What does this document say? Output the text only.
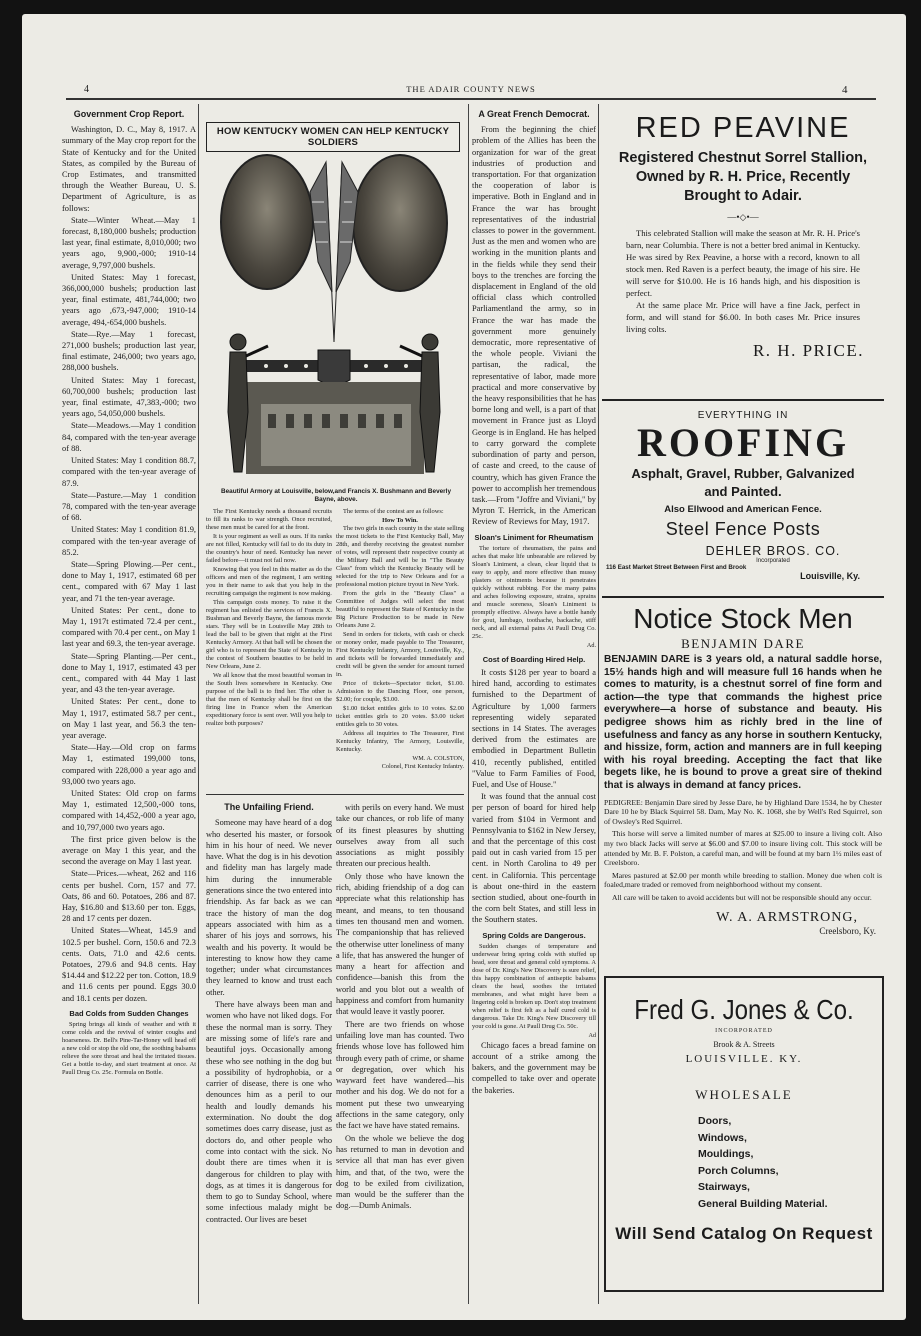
4	THE ADAIR COUNTY NEWS	4
Government Crop Report.

Washington, D. C., May 8, 1917. A summary of the May crop report for the State of Kentucky and for the United States, as compiled by the Bureau of Crop Estimates, and transmitted through the Weather Bureau, U. S. Department of Agriculture, is as follows:

State—Winter Wheat.—May 1 forecast, 8,180,000 bushels; production last year, final estimate, 8,010,000; two years ago, 9,900,-000; 1910-14 average, 9,797,000 bushels.

United States: May 1 forecast, 366,000,000 bushels; production last year, final estimate, 481,744,000; two years ago ,673,-947,000; 1910-14 average, 494,-654,000 bushels.

State—Rye.—May 1 forecast, 271,000 bushels; production last year, final estimate, 246,000; two years ago, 288,000 bushels.

United States: May 1 forecast, 60,700,000 bushels; production last year, final estimate, 47,383,-000; two years ago, 54,050,000 bushels.

State—Meadows.—May 1 condition 84, compared with the ten-year average of 88.

United States: May 1 condition 88.7, compared with the ten-year average of 87.9.

State—Pasture.—May 1 condition 78, compared with the ten-year average of 68.

United States: May 1 condition 81.9, compared with the ten-year average of 85.2.

State—Spring Plowing.—Per cent., done to May 1, 1917, estimated 68 per cent., compared with 67 May 1 last year, and 71 the ten-year average.

United States: Per cent., done to May 1, 1917t estimated 72.4 per cent., compared with 70.4 per cent., on May 1 last year and 69.3, the ten-year average.

State—Spring Planting.—Per cent., done to May 1, 1917, estimated 43 per cent., compared with 44 May 1 last year, and 43 the ten-year average.

United States: Per cent., done to May 1, 1917, estimated 58.7 per cent., on May 1 last year, and 56.3 the ten-year average.

State—Hay.—Old crop on farms May 1, estimated 199,000 tons, compared with 228,000 a year ago and 93,000 two years ago.

United States: Old crop on farms May 1, estimated 12,500,-000 tons, compared with 14,452,-000 a year ago, and 10,797,000 two years ago.

The first price given below is the average on May 1 this year, and the second the average on May 1 last year.

State—Prices.—wheat, 262 and 116 cents per bushel. Corn, 157 and 77. Oats, 86 and 60. Potatoes, 286 and 87. Hay, $16.80 and $13.60 per ton. Eggs, 28 and 17 cents per dozen.

United States—Wheat, 145.9 and 102.5 per bushel. Corn, 150.6 and 72.3 cents. Oats, 71.0 and 42.6 cents. Potatoes, 279.6 and 94.8 cents. Hay $14.44 and $12.22 per ton. Cotton, 18.9 and 11.6 cents per pound. Eggs 30.0 and 18.1 cents per dozen.

Bad Colds from Sudden Changes

Spring brings all kinds of weather and with it come colds and the revival of winter coughs and hoarseness. Dr. Bell's Pine-Tar-Honey will head off a new cold or stop the old one, the soothing balsams relieve the sore throat and heal the irritated tissues. Get a bottle to-day, and start treatment at once. At Paull Drug Co. 25c. Formula on Bottle.

HOW KENTUCKY WOMEN CAN HELP KENTUCKY SOLDIERS
Beautiful Armory at Louisville, below,and Francis X. Bushmann and Beverly Bayne, above.

The First Kentucky needs a thousand recruits to fill its ranks to war strength. Once recruited, these men must be cared for at the front.

It is your regiment as well as ours. If its ranks are not filled, Kentucky will fail to do its duty in the country's hour of need. Kentucky has never failed before—it must not fail now.

Knowing that you feel in this matter as do the officers and men of the regiment, I am writing you in their name to ask that you help in the recruiting campaign the regiment is now making.

This campaign costs money. To raise it the regiment has enlisted the services of Francis X. Bushman and Beverly Bayne, the famous movie stars. They will be in Louisville May 28th to lead the ball to be given that night at the First Kentucky Armory. At that ball will be chosen the girl who is to represent the State of Kentucky in the contest of Southern beauties to be held in New Orleans, June 2.

We all know that the most beautiful woman in the South lives somewhere in Kentucky. One purpose of the ball is to find her. The other is that the men of Kentucky shall be first on the firing line in France when the American expeditionary force is sent over. Will you help to realize both purposes?

The terms of the contest are as follows:

How To Win.

The two girls in each county in the state selling the most tickets to the First Kentucky Ball, May 28th, and thereby receiving the greatest number of votes, will represent their respective county at the Military Ball and will be in "The Beauty Class" from which the Kentucky Beauty will be selected for the trip to New Orleans and for a professional motion picture tryout in New York.

From the girls in the "Beauty Class" a Committee of Judges will select the most beautiful to represent the State of Kentucky in the Big Picture Production to be made in New Orleans June 2.

Send in orders for tickets, with cash or check or money order, made payable to The Treasurer, First Kentucky Infantry, Armory, Louisville, Ky., and tickets will be forwarded immediately and credit will be given the sender for amount turned in.

Price of tickets—Spectator ticket, $1.00. Admission to the Dancing Floor, one person, $2.00; for couple, $3.00.

$1.00 ticket entitles girls to 10 votes. $2.00 ticket entitles girls to 20 votes. $3.00 ticket entitles girls to 30 votes.

Address all inquiries to The Treasurer, First Kentucky Infantry, The Armory, Louisville, Kentucky.

WM. A. COLSTON,
Colonel, First Kentucky Infantry.
The Unfailing Friend.

Someone may have heard of a dog who deserted his master, or forsook him in his hour of need. We never have. What the dog is in his devotion and fidelity man has largely made him during the innumerable generations since the two entered into friendship. As far back as we can trace the history of man the dog appears associated with him as a sharer of his joys and sorrows, his wealth and his poverty. It would be interesting to know how they came together; under what circumstances they learned to know and trust each other.

There have always been man and women who have not liked dogs. For these the normal man is sorry. They are missing some of life's rare and beautiful joys. Occasionally among these who see nothing in the dog but a possibility of hydrophobia, or a carrier of disease, there is one who denounces him as a peril to our health and loudly demands his extermination. No doubt the dog sometimes does carry disease, just as doctors do, and other people who come into contact with the sick. No doubt there are times when it is dangerous for children to play with dogs, as at times it is dangerous for them to go to Sunday School, where some infectious malady might be contracted. Our lives are beset

with perils on every hand. We must take our chances, or rob life of many of its finest pleasures by shutting ourselves away from all such associations as might possibly threaten our precious health.

Only those who have known the rich, abiding friendship of a dog can appreciate what this relationship has meant, and means, to ten thousand times ten thousand men and women. The companionship that has relieved the otherwise utter loneliness of many a life, that has answered the hunger of many a heart for affection and confidence—banish this from the world and you blot out a wealth of happiness and comfort from humanity that would leave it vastly poorer.

There are two friends on whose unfailing love man has counted. Two friends whose love has followed him through every path of crime, or shame or degregation, over which his wayward feet have wandered—his mother and his dog. We do not for a moment put these two unwearying affections in the same category, only the fact we have have stated remains.

On the whole we believe the dog has returned to man in devotion and service all that man has ever given him, and that, of the two, were the dog to be exiled from civilization, man would be the sufferer than the dog.—Dumb Animals.

A Great French Democrat.

From the beginning the chief problem of the Allies has been the organization for war of the great industries of production and transportation. For that organization the cooperation of labor is imperative. Both in England and in France the war has brought representatives of the industrial classes to power in the government. Just as the men and women who are working in the munition plants and in the fields while they send their boys to the trenches are forcing the displacement in England of the old official class which controlled Parliamentland the army, so in France the war has made the government more genuinely democratic, more representative of the whole people. Viviani the partisan, the radical, the representative of labor, made more practical and more conservative by the heavy responsibilities that he has borne long and well, is a part of that movement in France just as Lloyd George is in England. He has helped to carry gorward the complete subordination of party and person, of caste and creed, to the cause of country, which has given France the power to accomplish her tremendous task.—From "Joffre and Viviani," by Myron T. Herrick, in the American Review of Reviews for May, 1917.

Sloan's Liniment for Rheumatism

The torture of rheumatism, the pains and aches that make life unbearable are relieved by Sloan's Liniment, a clean, clear liquid that is easy to apply, and more effective than mussy plasters or ointments because it penetrates quickly without rubbing. For the many pains and aches following exposure, strains, sprains and muscle soreness, Sloan's Liniment is promptly effective. Always have a bottle handy for gout, lumbago, toothache, backache, stiff neck, and all external pains At Paull Drug Co. 25c.

Ad.
Cost of Boarding Hired Help.

It costs $128 per year to board a hired hand, according to estimates furnished to the Department of Agriculture by 1,000 farmers representing widely separated sections in 14 States. The averages derived from the estimates are embodied in Department Bulletin 410, recently published, entitled "Value to Farm Families of Food, Fuel, and Use of House."

It was found that the annual cost per person of board for hired help varied from $104 in Vermont and Pennsylvania to $162 in New Jersey, and that the percentage of this cost paid out in cash varied from 15 per cent. in North Carolina to 49 per cent. in California. This percentage is about one-third in the eastern section studied, about one-fourth in the corn belt States, and still less in the Southern states.

Spring Colds are Dangerous.

Sudden changes of temperature and underwear bring spring colds with stuffed up head, sore throat and general cold symptoms. A dose of Dr. King's New Discovery is sure relief, this happy combination of antiseptic balsams clears the head, soothes the irritated membranes, and what might have been a lingering cold is broken up. Don't stop treatment when relief is first felt as a half cured cold is dangerous. Take Dr. King's New Discovery till your cold is gone. At Paull Drug Co. 50c.

Ad

Chicago faces a bread famine on account of a strike among the bakers, and the government may be compelled to take over and operate the bakeries.

RED PEAVINE
Registered Chestnut Sorrel Stallion,
Owned by R. H. Price, Recently
Brought to Adair.
—•◇•—

This celebrated Stallion will make the season at Mr. R. H. Price's barn, near Columbia. There is not a better bred animal in Kentucky. He was sired by Rex Peavine, a horse with a record, known to all stock men. Red Raven is a perfect beauty, the image of his sire. He will serve for $10.00. He is 16 hands high, and his disposition is perfect.

At the same place Mr. Price will have a fine Jack, perfect in form, and will stand for $6.00. In both cases Mr. Price insures living colts.

R. H. PRICE.
EVERYTHING IN
ROOFING
Asphalt, Gravel, Rubber, Galvanized
and Painted.
Also Ellwood and American Fence.
Steel Fence Posts
DEHLER BROS. CO.
Incorporated
116 East Market Street Between First and Brook
Louisville, Ky.
Notice Stock Men
BENJAMIN DARE
BENJAMIN DARE is 3 years old, a natural saddle horse, 15½ hands high and will measure full 16 hands when he comes to maturity, is a chestnut sorrel of fine form and action—the type that commands the highest price everywhere—a horse of substance and beauty. His pedigree shows him as richly bred in the line of usefulness and fancy as any horse in southern Kentucky, and hissize, form, action and manners are in full keeping with his royal breeding. Accepting the fact that like begets like, he is bound to prove a great sire of thekind that is always in demand at fancy prices.
PEDIGREE: Benjamin Dare sired by Jesse Dare, he by Highland Dare 1534, he by Chester Dare 10 he by Black Squirrel 58. Dam, May No. K. 1068, she by Well's Red Squirrel, son of Owsley's Red Squirrel.
This horse will serve a limited number of mares at $25.00 to insure a living colt. Also my two black Jacks will serve at $6.00 and $7.00 to insure living colt. This stock will be attended by Mr. B. F. Polston, a careful man, and will be found at my barn 1½ miles east of Creelsboro.
Mares pastured at $2.00 per month while breeding to stallion. Money due when colt is foaled,mare traded or removed from neighborhood without my consent.
All care will be taken to avoid accidents but will not be responsible should any occur.
W. A. ARMSTRONG,
Creelsboro, Ky.
Fred G. Jones & Co.
INCORPORATED
Brook & A. Streets
LOUISVILLE. KY.
WHOLESALE
Doors,
Windows,
Mouldings,
Porch Columns,
Stairways,
General Building Material.
Will Send Catalog On Request
